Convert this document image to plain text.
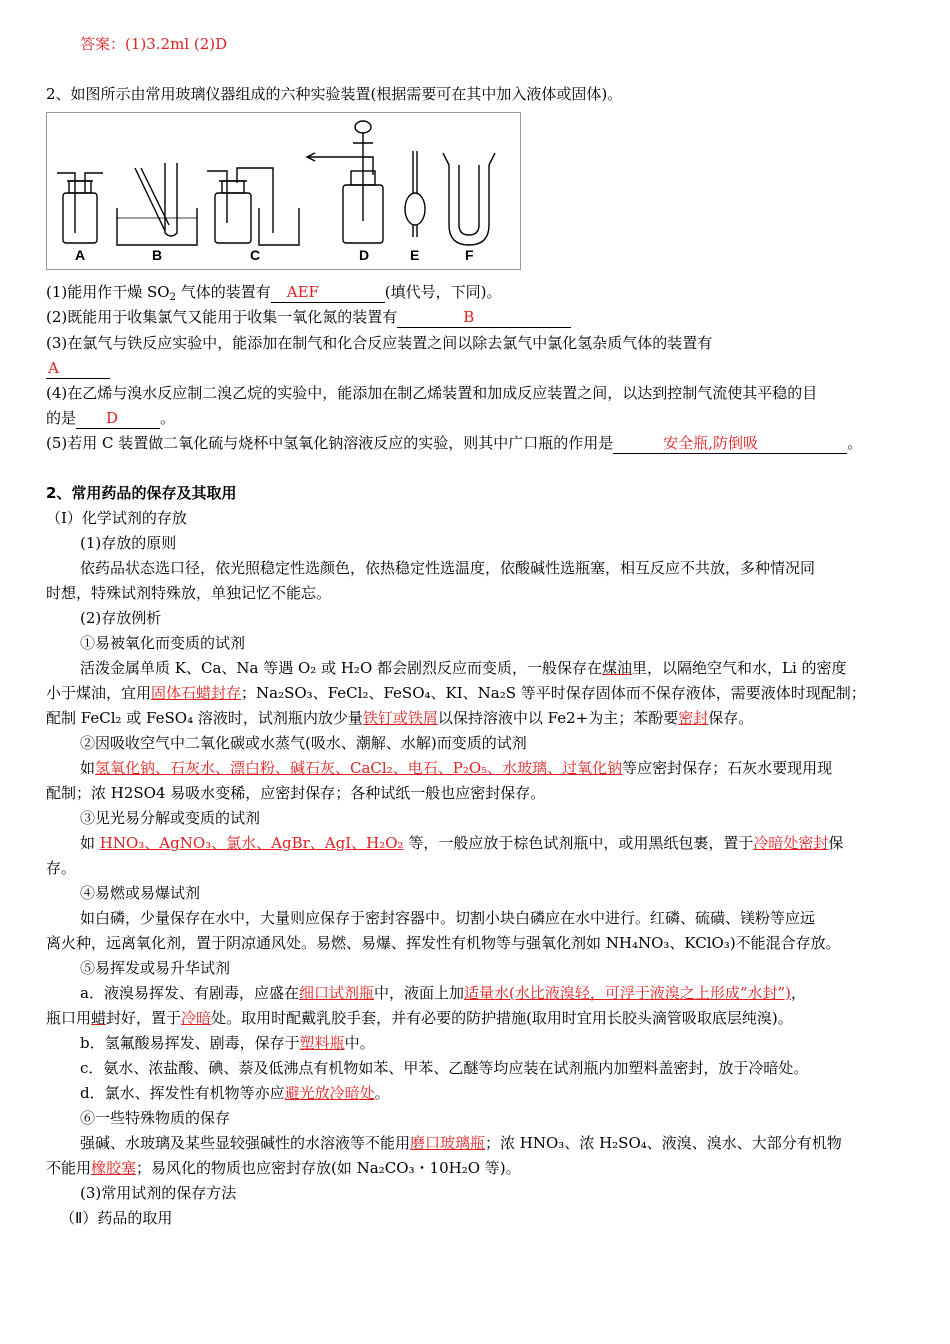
答案：(1)3.2ml (2)D
2、如图所示由常用玻璃仪器组成的六种实验装置(根据需要可在其中加入液体或固体)。
A	B	C	D	E	F
(1)能用作干燥 $SO_2$ 气体的装置有 AEF	(填代号，下同)。
(2)既能用于收集氯气又能用于收集一氧化氮的装置有	B
(3)在氯气与铁反应实验中，能添加在制气和化合反应装置之间以除去氯气中氯化氢杂质气体的装置有
A
(4)在乙烯与溴水反应制二溴乙烷的实验中，能添加在制乙烯装置和加成反应装置之间，以达到控制气流使其平稳的目
的是 D	。
(5)若用 C 装置做二氧化硫与烧杯中氢氧化钠溶液反应的实验，则其中广口瓶的作用是	安全瓶,防倒吸	。
2、常用药品的保存及其取用
（Ⅰ）化学试剂的存放
(1)存放的原则
依药品状态选口径，依光照稳定性选颜色，依热稳定性选温度，依酸碱性选瓶塞，相互反应不共放，多种情况同
时想，特殊试剂特殊放，单独记忆不能忘。
(2)存放例析
①易被氧化而变质的试剂
活泼金属单质 K、Ca、Na 等遇 O₂ 或 H₂O 都会剧烈反应而变质，一般保存在煤油里，以隔绝空气和水，Li 的密度
小于煤油，宜用固体石蜡封存；Na₂SO₃、FeCl₂、FeSO₄、KI、Na₂S 等平时保存固体而不保存液体，需要液体时现配制；
配制 FeCl₂ 或 FeSO₄ 溶液时，试剂瓶内放少量铁钉或铁屑以保持溶液中以 Fe2+为主；苯酚要密封保存。
②因吸收空气中二氧化碳或水蒸气(吸水、潮解、水解)而变质的试剂
如氢氧化钠、石灰水、漂白粉、碱石灰、CaCl₂、电石、P₂O₅、水玻璃、过氧化钠等应密封保存；石灰水要现用现
配制；浓 H2SO4 易吸水变稀，应密封保存；各种试纸一般也应密封保存。
③见光易分解或变质的试剂
如 HNO₃、AgNO₃、氯水、AgBr、AgI、H₂O₂ 等，一般应放于棕色试剂瓶中，或用黑纸包裹，置于冷暗处密封保
存。
④易燃或易爆试剂
如白磷，少量保存在水中，大量则应保存于密封容器中。切割小块白磷应在水中进行。红磷、硫磺、镁粉等应远
离火种，远离氧化剂，置于阴凉通风处。易燃、易爆、挥发性有机物等与强氧化剂如 NH₄NO₃、KClO₃)不能混合存放。
⑤易挥发或易升华试剂
a．液溴易挥发、有剧毒，应盛在细口试剂瓶中，液面上加适量水(水比液溴轻，可浮于液溴之上形成“水封”)，
瓶口用蜡封好，置于冷暗处。取用时配戴乳胶手套，并有必要的防护措施(取用时宜用长胶头滴管吸取底层纯溴)。
b．氢氟酸易挥发、剧毒，保存于塑料瓶中。
c．氨水、浓盐酸、碘、萘及低沸点有机物如苯、甲苯、乙醚等均应装在试剂瓶内加塑料盖密封，放于冷暗处。
d．氯水、挥发性有机物等亦应避光放冷暗处。
⑥一些特殊物质的保存
强碱、水玻璃及某些显较强碱性的水溶液等不能用磨口玻璃瓶；浓 HNO₃、浓 H₂SO₄、液溴、溴水、大部分有机物
不能用橡胶塞；易风化的物质也应密封存放(如 Na₂CO₃・10H₂O 等)。
(3)常用试剂的保存方法
（Ⅱ）药品的取用
